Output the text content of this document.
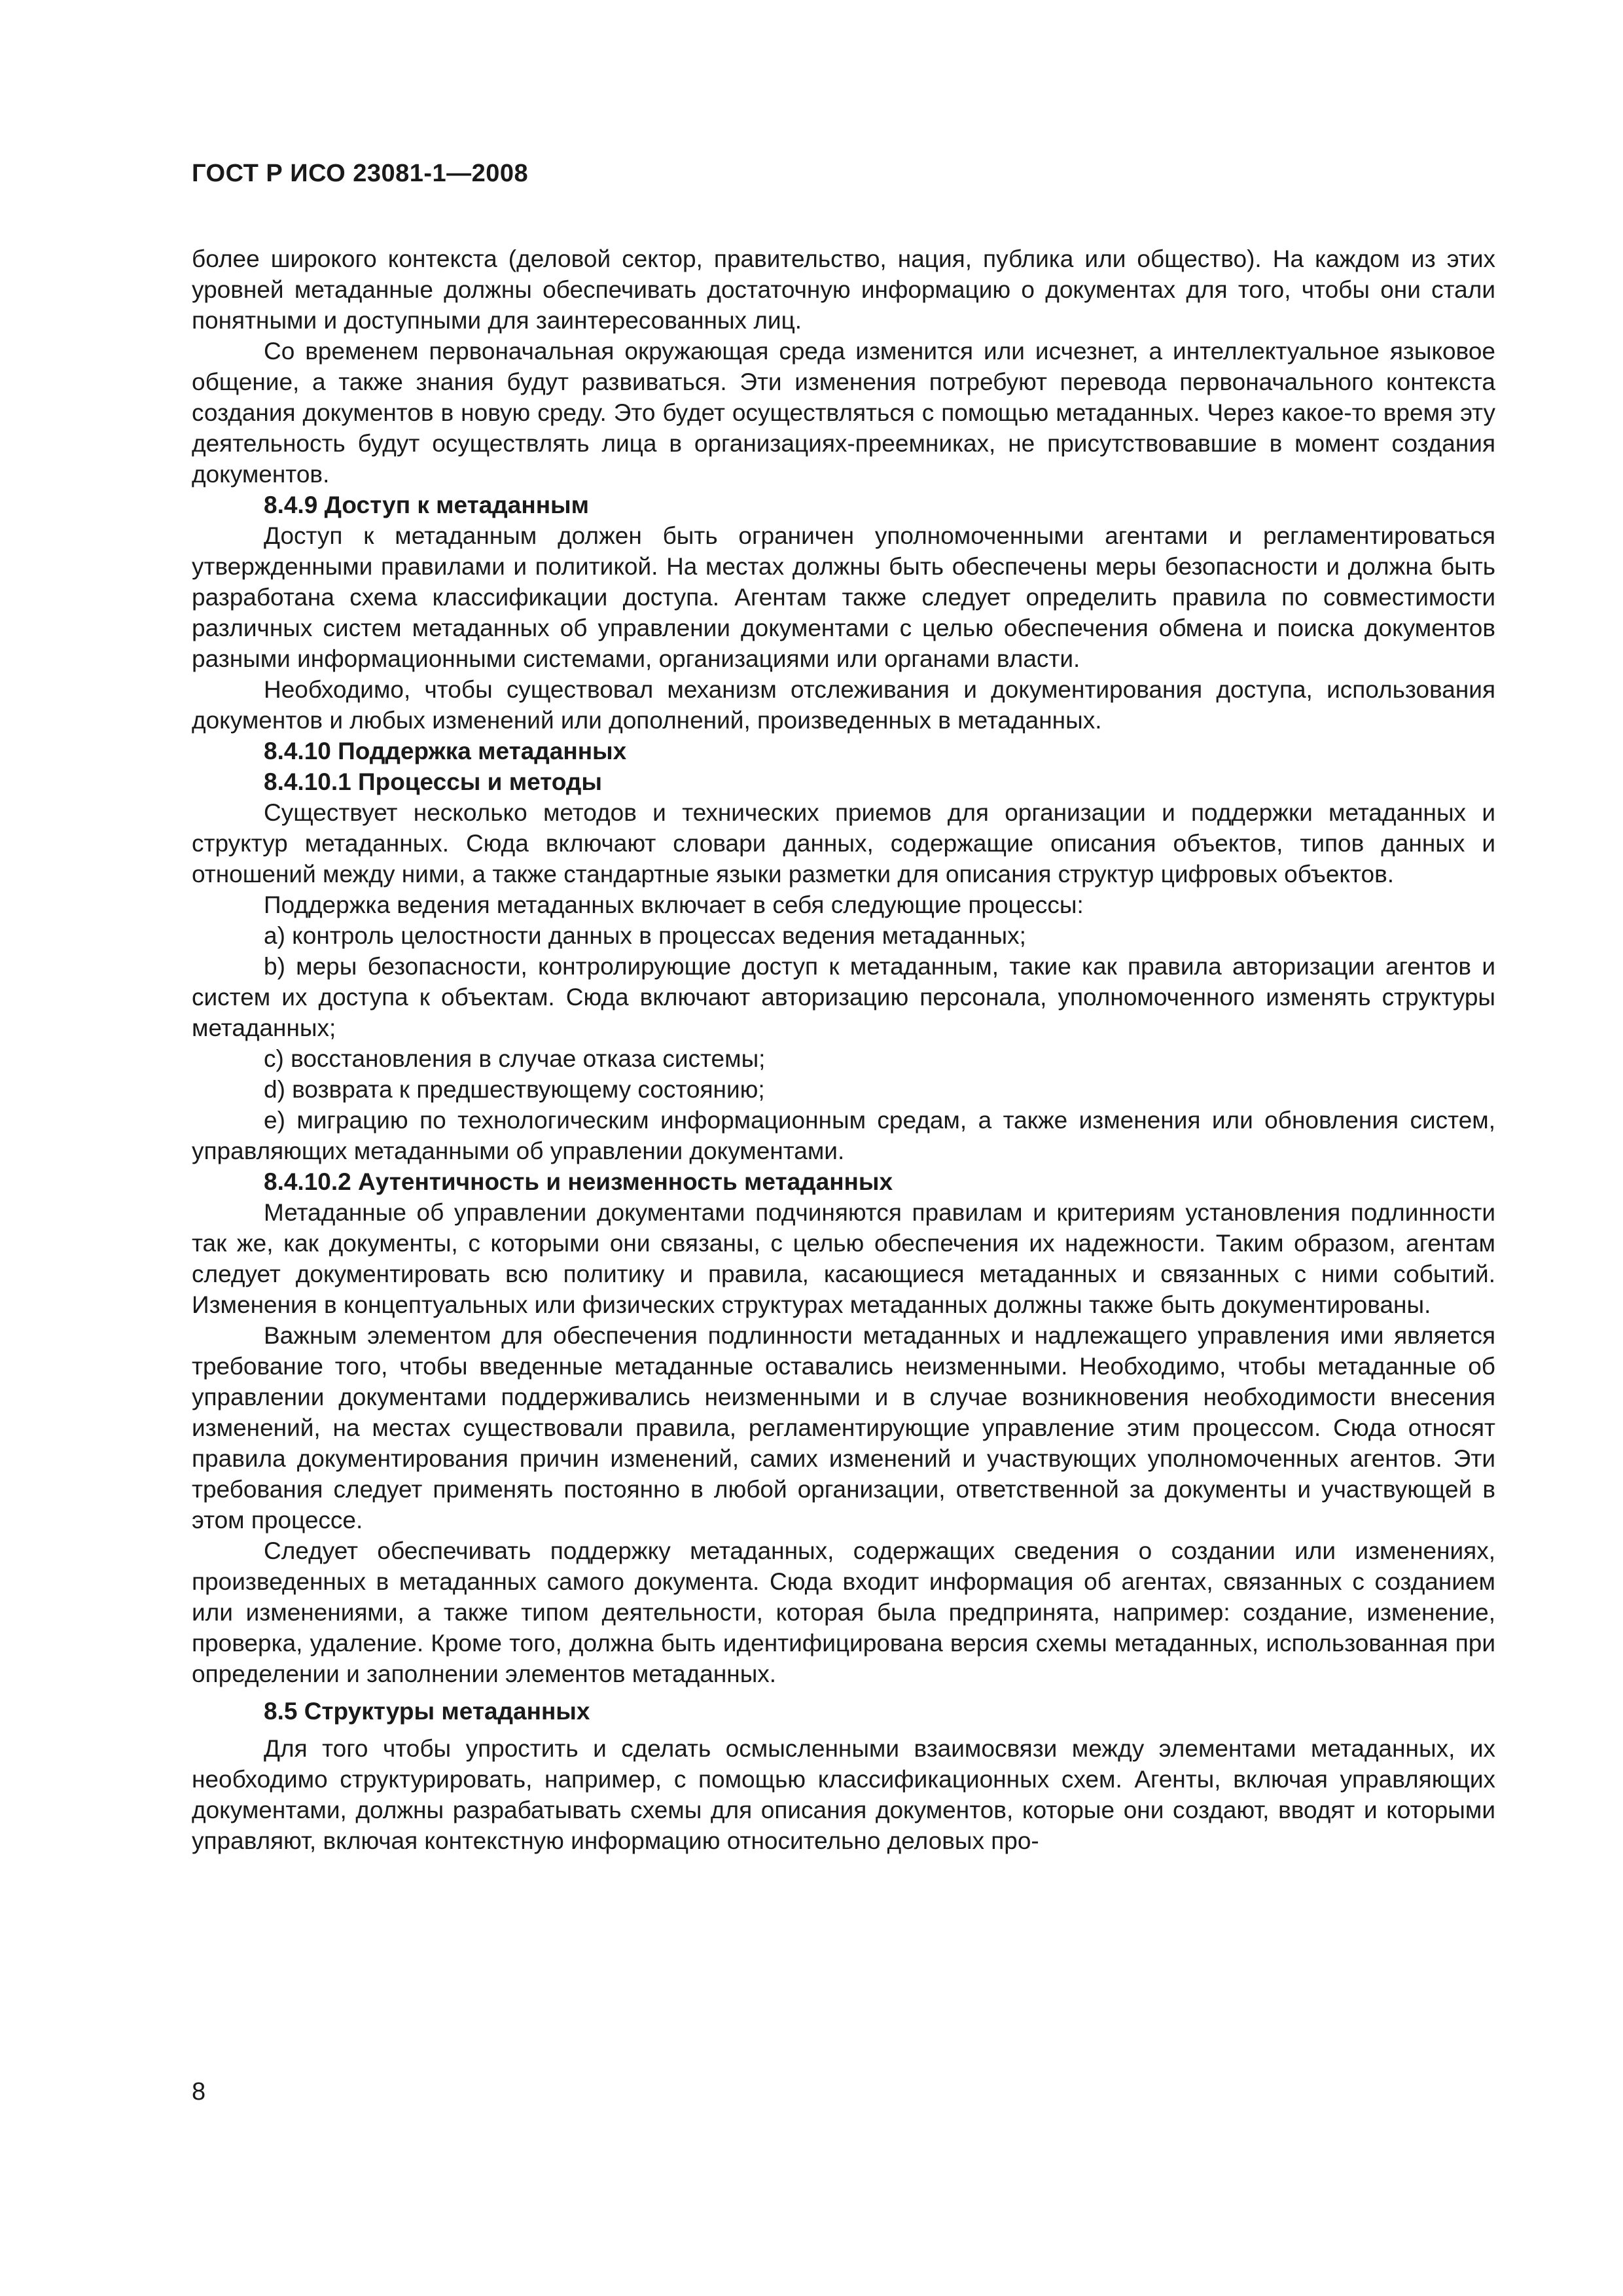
ГОСТ Р ИСО 23081-1—2008

более широкого контекста (деловой сектор, правительство, нация, публика или общество). На каждом из этих уровней метаданные должны обеспечивать достаточную информацию о документах для того, чтобы они стали понятными и доступными для заинтересованных лиц.

Со временем первоначальная окружающая среда изменится или исчезнет, а интеллектуальное языковое общение, а также знания будут развиваться. Эти изменения потребуют перевода первоначального контекста создания документов в новую среду. Это будет осуществляться с помощью метаданных. Через какое-то время эту деятельность будут осуществлять лица в организациях-преемниках, не присутствовавшие в момент создания документов.

8.4.9 Доступ к метаданным

Доступ к метаданным должен быть ограничен уполномоченными агентами и регламентироваться утвержденными правилами и политикой. На местах должны быть обеспечены меры безопасности и должна быть разработана схема классификации доступа. Агентам также следует определить правила по совместимости различных систем метаданных об управлении документами с целью обеспечения обмена и поиска документов разными информационными системами, организациями или органами власти.

Необходимо, чтобы существовал механизм отслеживания и документирования доступа, использования документов и любых изменений или дополнений, произведенных в метаданных.

8.4.10 Поддержка метаданных
8.4.10.1 Процессы и методы

Существует несколько методов и технических приемов для организации и поддержки метаданных и структур метаданных. Сюда включают словари данных, содержащие описания объектов, типов данных и отношений между ними, а также стандартные языки разметки для описания структур цифровых объектов.

Поддержка ведения метаданных включает в себя следующие процессы:

a) контроль целостности данных в процессах ведения метаданных;

b) меры безопасности, контролирующие доступ к метаданным, такие как правила авторизации агентов и систем их доступа к объектам. Сюда включают авторизацию персонала, уполномоченного изменять структуры метаданных;

c) восстановления в случае отказа системы;

d) возврата к предшествующему состоянию;

e) миграцию по технологическим информационным средам, а также изменения или обновления систем, управляющих метаданными об управлении документами.

8.4.10.2 Аутентичность и неизменность метаданных

Метаданные об управлении документами подчиняются правилам и критериям установления подлинности так же, как документы, с которыми они связаны, с целью обеспечения их надежности. Таким образом, агентам следует документировать всю политику и правила, касающиеся метаданных и связанных с ними событий. Изменения в концептуальных или физических структурах метаданных должны также быть документированы.

Важным элементом для обеспечения подлинности метаданных и надлежащего управления ими является требование того, чтобы введенные метаданные оставались неизменными. Необходимо, чтобы метаданные об управлении документами поддерживались неизменными и в случае возникновения необходимости внесения изменений, на местах существовали правила, регламентирующие управление этим процессом. Сюда относят правила документирования причин изменений, самих изменений и участвующих уполномоченных агентов. Эти требования следует применять постоянно в любой организации, ответственной за документы и участвующей в этом процессе.

Следует обеспечивать поддержку метаданных, содержащих сведения о создании или изменениях, произведенных в метаданных самого документа. Сюда входит информация об агентах, связанных с созданием или изменениями, а также типом деятельности, которая была предпринята, например: создание, изменение, проверка, удаление. Кроме того, должна быть идентифицирована версия схемы метаданных, использованная при определении и заполнении элементов метаданных.

8.5 Структуры метаданных

Для того чтобы упростить и сделать осмысленными взаимосвязи между элементами метаданных, их необходимо структурировать, например, с помощью классификационных схем. Агенты, включая управляющих документами, должны разрабатывать схемы для описания документов, которые они создают, вводят и которыми управляют, включая контекстную информацию относительно деловых про-

8
